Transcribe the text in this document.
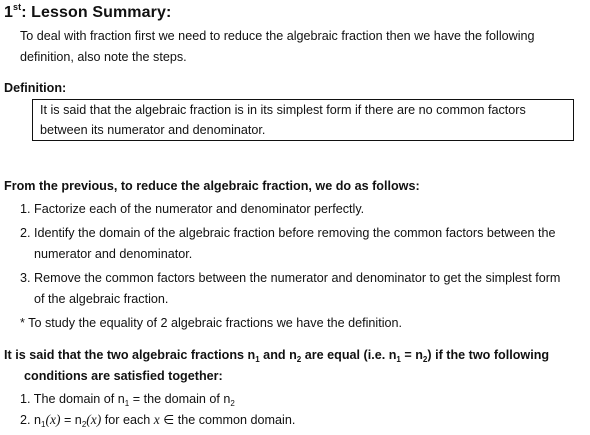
1st: Lesson Summary:
To deal with fraction first we need to reduce the algebraic fraction then we have the following definition, also note the steps.
Definition:
It is said that the algebraic fraction is in its simplest form if there are no common factors
between its numerator and denominator.
From the previous, to reduce the algebraic fraction, we do as follows:
1. Factorize each of the numerator and denominator perfectly.
2. Identify the domain of the algebraic fraction before removing the common factors between the
numerator and denominator.
3. Remove the common factors between the numerator and denominator to get the simplest form
of the algebraic fraction.
* To study the equality of 2 algebraic fractions we have the definition.
It is said that the two algebraic fractions $n_1$ and $n_2$ are equal (i.e. $n_1 = n_2$) if the two following
conditions are satisfied together:
1. The domain of $n_1$ = the domain of $n_2$
2. $n_1(x) = n_2(x)$ for each x ∈ the common domain.
